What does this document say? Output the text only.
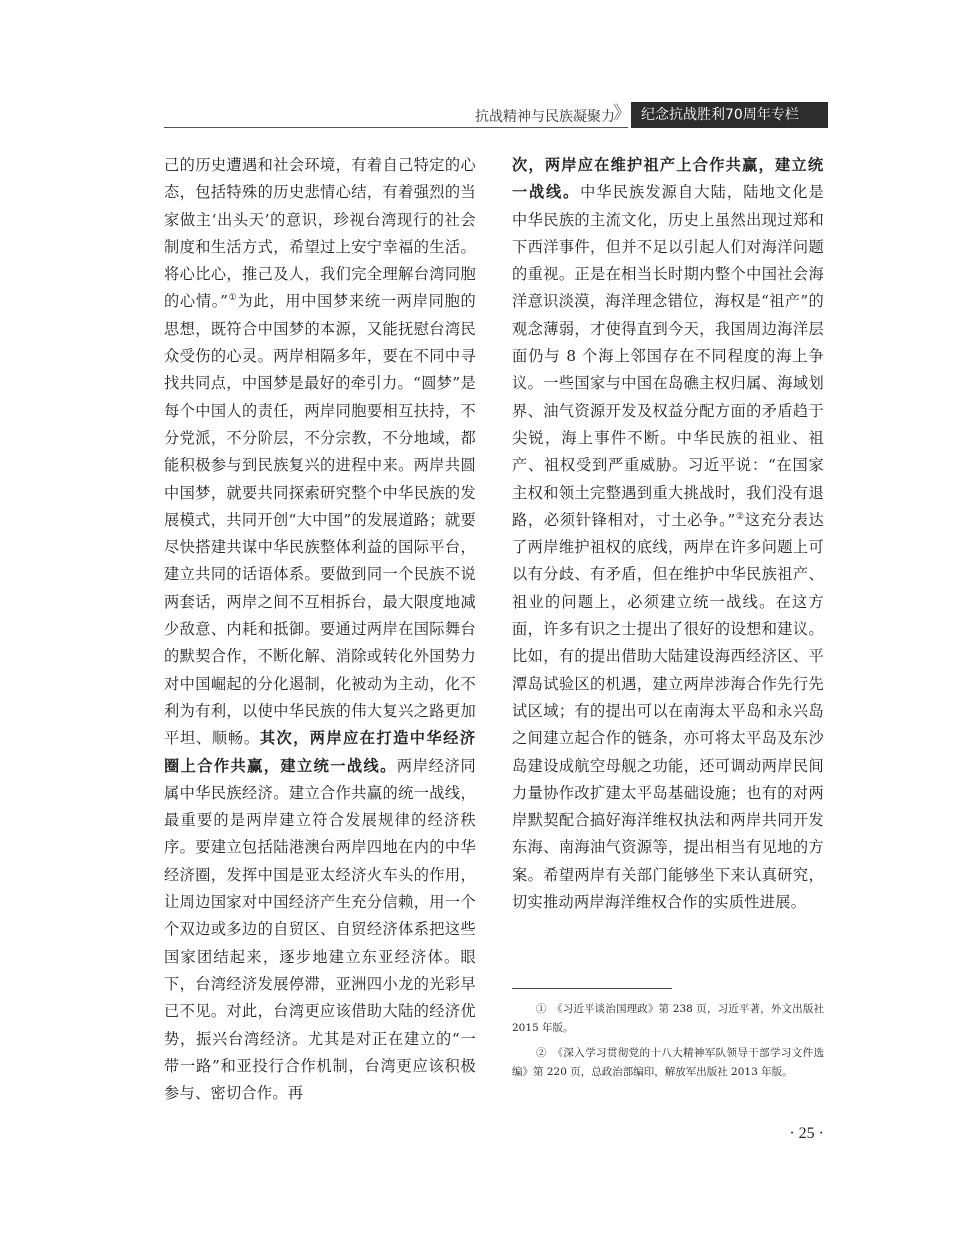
抗战精神与民族凝聚力
》 纪念抗战胜利70周年专栏

己的历史遭遇和社会环境，有着自己特定的心态，包括特殊的历史悲情心结，有着强烈的当家做主‘出头天’的意识，珍视台湾现行的社会制度和生活方式，希望过上安宁幸福的生活。将心比心，推己及人，我们完全理解台湾同胞的心情。”①为此，用中国梦来统一两岸同胞的思想，既符合中国梦的本源，又能抚慰台湾民众受伤的心灵。两岸相隔多年，要在不同中寻找共同点，中国梦是最好的牵引力。“圆梦”是每个中国人的责任，两岸同胞要相互扶持，不分党派，不分阶层，不分宗教，不分地域，都能积极参与到民族复兴的进程中来。两岸共圆中国梦，就要共同探索研究整个中华民族的发展模式，共同开创“大中国”的发展道路；就要尽快搭建共谋中华民族整体利益的国际平台，建立共同的话语体系。要做到同一个民族不说两套话，两岸之间不互相拆台，最大限度地减少敌意、内耗和抵御。要通过两岸在国际舞台的默契合作，不断化解、消除或转化外国势力对中国崛起的分化遏制，化被动为主动，化不利为有利，以使中华民族的伟大复兴之路更加平坦、顺畅。其次，两岸应在打造中华经济圈上合作共赢，建立统一战线。两岸经济同属中华民族经济。建立合作共赢的统一战线，最重要的是两岸建立符合发展规律的经济秩序。要建立包括陆港澳台两岸四地在内的中华经济圈，发挥中国是亚太经济火车头的作用，让周边国家对中国经济产生充分信赖，用一个个双边或多边的自贸区、自贸经济体系把这些国家团结起来，逐步地建立东亚经济体。眼下，台湾经济发展停滞，亚洲四小龙的光彩早已不见。对此，台湾更应该借助大陆的经济优势，振兴台湾经济。尤其是对正在建立的“一带一路”和亚投行合作机制，台湾更应该积极参与、密切合作。再

次，两岸应在维护祖产上合作共赢，建立统一战线。中华民族发源自大陆，陆地文化是中华民族的主流文化，历史上虽然出现过郑和下西洋事件，但并不足以引起人们对海洋问题的重视。正是在相当长时期内整个中国社会海洋意识淡漠，海洋理念错位，海权是“祖产”的观念薄弱，才使得直到今天，我国周边海洋层面仍与 8 个海上邻国存在不同程度的海上争议。一些国家与中国在岛礁主权归属、海域划界、油气资源开发及权益分配方面的矛盾趋于尖锐，海上事件不断。中华民族的祖业、祖产、祖权受到严重威胁。习近平说：“在国家主权和领土完整遇到重大挑战时，我们没有退路，必须针锋相对，寸土必争。”②这充分表达了两岸维护祖权的底线，两岸在许多问题上可以有分歧、有矛盾，但在维护中华民族祖产、祖业的问题上，必须建立统一战线。在这方面，许多有识之士提出了很好的设想和建议。比如，有的提出借助大陆建设海西经济区、平潭岛试验区的机遇，建立两岸涉海合作先行先试区域；有的提出可以在南海太平岛和永兴岛之间建立起合作的链条，亦可将太平岛及东沙岛建设成航空母舰之功能，还可调动两岸民间力量协作改扩建太平岛基础设施；也有的对两岸默契配合搞好海洋维权执法和两岸共同开发东海、南海油气资源等，提出相当有见地的方案。希望两岸有关部门能够坐下来认真研究，切实推动两岸海洋维权合作的实质性进展。

①　《习近平谈治国理政》第 238 页，习近平著，外文出版社 2015 年版。

②　《深入学习贯彻党的十八大精神军队领导干部学习文件选编》第 220 页，总政治部编印，解放军出版社 2013 年版。

· 25 ·
